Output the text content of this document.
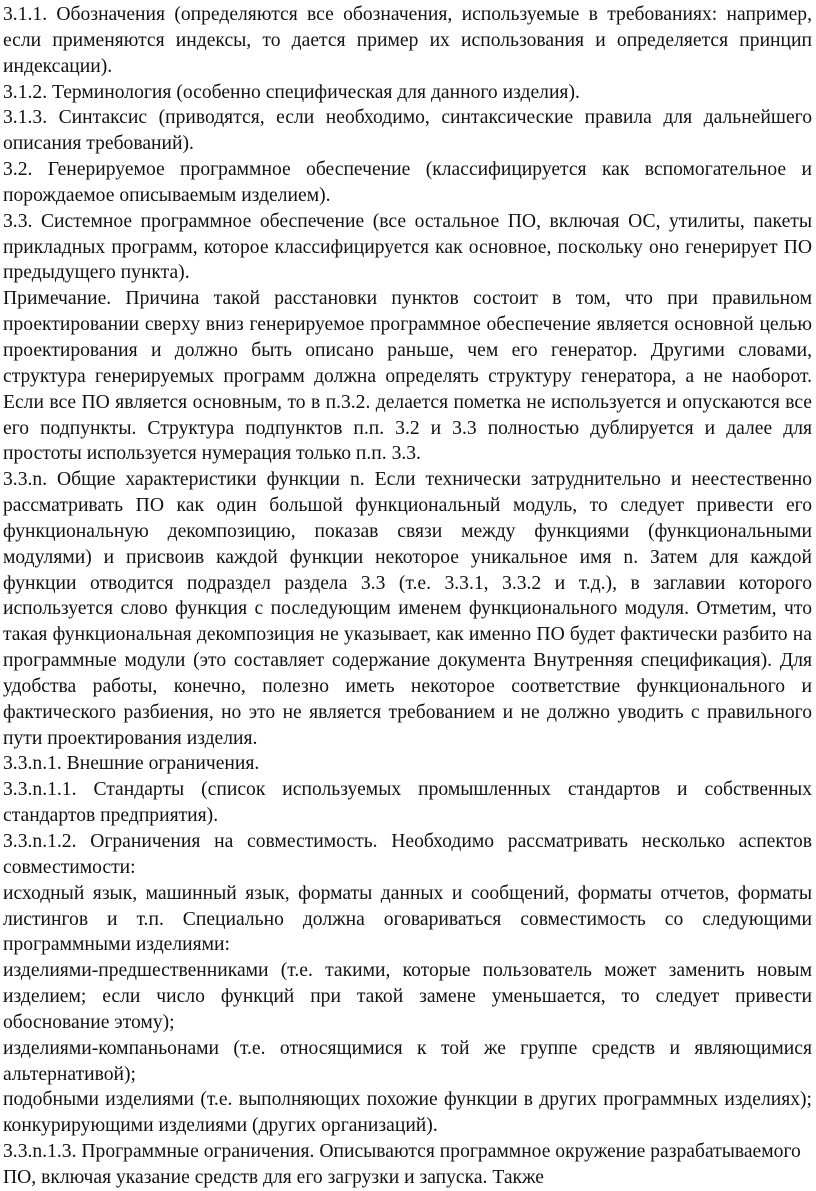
3.1.1. Обозначения (определяются все обозначения, используемые в требованиях: например, если применяются индексы, то дается пример их использования и определяется принцип индексации).

3.1.2. Терминология (особенно специфическая для данного изделия).

3.1.3. Синтаксис (приводятся, если необходимо, синтаксические правила для дальнейшего описания требований).

3.2. Генерируемое программное обеспечение (классифицируется как вспомогательное и порождаемое описываемым изделием).

3.3. Системное программное обеспечение (все остальное ПО, включая ОС, утилиты, пакеты прикладных программ, которое классифицируется как основное, поскольку оно генерирует ПО предыдущего пункта).

Примечание. Причина такой расстановки пунктов состоит в том, что при правильном проектировании сверху вниз генерируемое программное обеспечение является основной целью проектирования и должно быть описано раньше, чем его генератор. Другими словами, структура генерируемых программ должна определять структуру генератора, а не наоборот. Если все ПО является основным, то в п.3.2. делается пометка не используется и опускаются все его подпункты. Структура подпунктов п.п. 3.2 и 3.3 полностью дублируется и далее для простоты используется нумерация только п.п. 3.3.

3.3.n. Общие характеристики функции n. Если технически затруднительно и неестественно рассматривать ПО как один большой функциональный модуль, то следует привести его функциональную декомпозицию, показав связи между функциями (функциональными модулями) и присвоив каждой функции некоторое уникальное имя n. Затем для каждой функции отводится подраздел раздела 3.3 (т.е. 3.3.1, 3.3.2 и т.д.), в заглавии которого используется слово функция с последующим именем функционального модуля. Отметим, что такая функциональная декомпозиция не указывает, как именно ПО будет фактически разбито на программные модули (это составляет содержание документа Внутренняя спецификация). Для удобства работы, конечно, полезно иметь некоторое соответствие функционального и фактического разбиения, но это не является требованием и не должно уводить с правильного пути проектирования изделия.

3.3.n.1. Внешние ограничения.

3.3.n.1.1. Стандарты (список используемых промышленных стандартов и собственных стандартов предприятия).

3.3.n.1.2. Ограничения на совместимость. Необходимо рассматривать несколько аспектов совместимости:

исходный язык, машинный язык, форматы данных и сообщений, форматы отчетов, форматы листингов и т.п. Специально должна оговариваться совместимость со следующими программными изделиями:

изделиями-предшественниками (т.е. такими, которые пользователь может заменить новым изделием; если число функций при такой замене уменьшается, то следует привести обоснование этому);

изделиями-компаньонами (т.е. относящимися к той же группе средств и являющимися альтернативой);

подобными изделиями (т.е. выполняющих похожие функции в других программных изделиях); конкурирующими изделиями (других организаций).

3.3.n.1.3. Программные ограничения. Описываются программное окружение разрабатываемого ПО, включая указание средств для его загрузки и запуска. Также
